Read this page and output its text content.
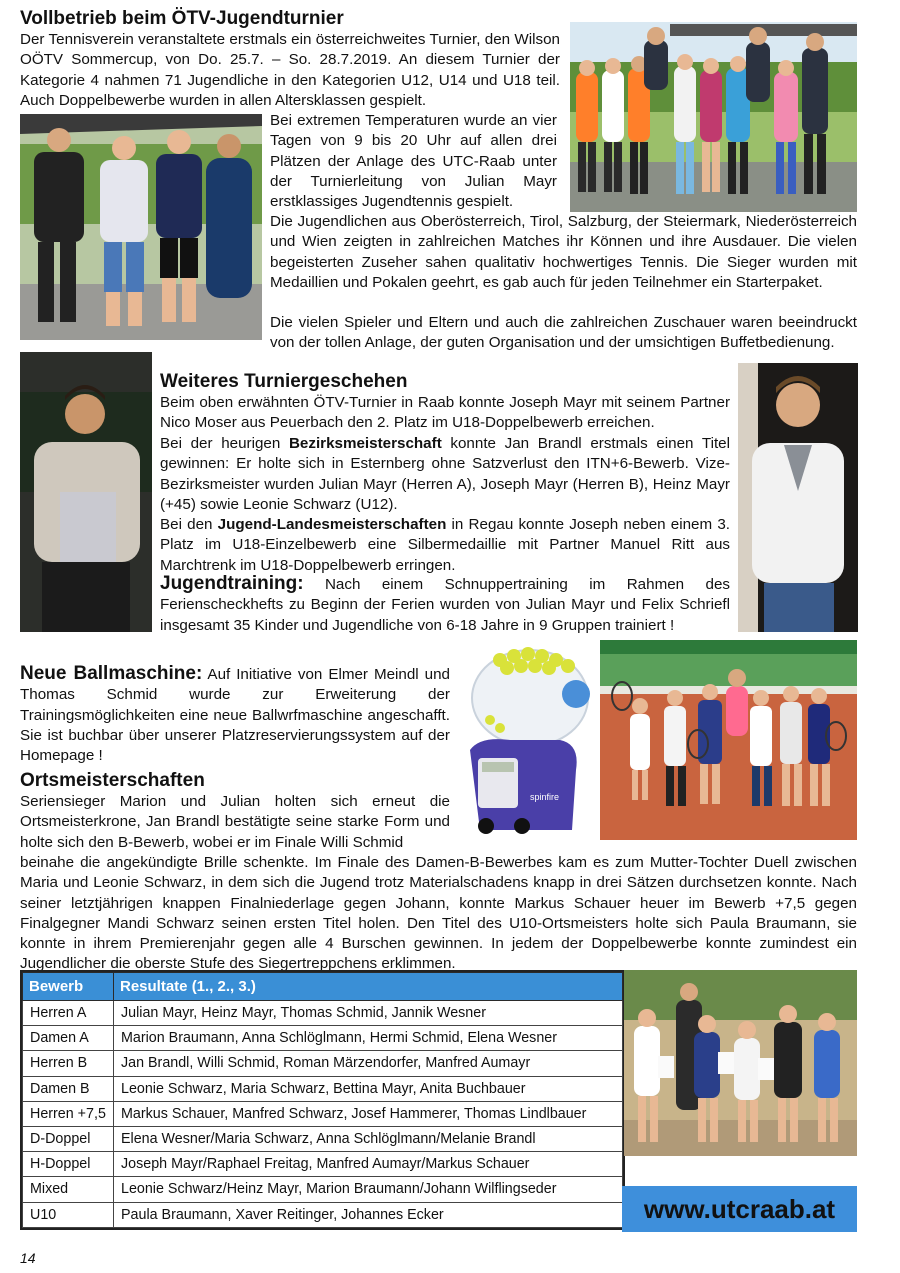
Vollbetrieb beim ÖTV-Jugendturnier

Der Tennisverein veranstaltete erstmals ein österreichweites Turnier, den Wilson OÖTV Sommercup, von Do. 25.7. – So. 28.7.2019. An diesem Turnier der Kategorie 4 nahmen 71 Jugendliche in den Kategorien U12, U14 und U18 teil. Auch Doppelbewerbe wurden in allen Altersklassen gespielt.

Bei extremen Temperaturen wurde an vier Tagen von 9 bis 20 Uhr auf allen drei Plätzen der Anlage des UTC-Raab unter der Turnierleitung von Julian Mayr erstklassiges Jugendtennis gespielt.

Die Jugendlichen aus Oberösterreich, Tirol, Salzburg, der Steiermark, Niederösterreich und Wien zeigten in zahlreichen Matches ihr Können und ihre Ausdauer. Die vielen begeisterten Zuseher sahen qualitativ hochwertiges Tennis. Die Sieger wurden mit Medaillien und Pokalen geehrt, es gab auch für jeden Teilnehmer ein Starterpaket.

Die vielen Spieler und Eltern und auch die zahlreichen Zuschauer waren beeindruckt von der tollen Anlage, der guten Organisation und der umsichtigen Buffetbedienung.

Weiteres Turniergeschehen

Beim oben erwähnten ÖTV-Turnier in Raab konnte Joseph Mayr mit seinem Partner Nico Moser aus Peuerbach den 2. Platz im U18-Doppelbewerb erreichen.

Bei der heurigen Bezirksmeisterschaft konnte Jan Brandl erstmals einen Titel gewinnen: Er holte sich in Esternberg ohne Satzverlust den ITN+6-Bewerb. Vize-Bezirksmeister wurden Julian Mayr (Herren A), Joseph Mayr (Herren B), Heinz Mayr (+45) sowie Leonie Schwarz (U12).

Bei den Jugend-Landesmeisterschaften in Regau konnte Joseph neben einem 3. Platz im U18-Einzelbewerb eine Silbermedaillie mit Partner Manuel Ritt aus Marchtrenk im U18-Doppelbewerb erringen.

Jugendtraining: Nach einem Schnuppertraining im Rahmen des Ferienscheckhefts zu Beginn der Ferien wurden von Julian Mayr und Felix Schriefl insgesamt 35 Kinder und Jugendliche von 6-18 Jahre in 9 Gruppen trainiert !

Neue Ballmaschine: Auf Initiative von Elmer Meindl und Thomas Schmid wurde zur Erweiterung der Trainingsmöglichkeiten eine neue Ballwrfmaschine angeschafft. Sie ist buchbar über unserer Platzreservierungssystem auf der Homepage !

spinfire
Ortsmeisterschaften

Seriensieger Marion und Julian holten sich erneut die Ortsmeisterkrone, Jan Brandl bestätigte seine starke Form und holte sich den B-Bewerb, wobei er im Finale Willi Schmid

beinahe die angekündigte Brille schenkte. Im Finale des Damen-B-Bewerbes kam es zum Mutter-Tochter Duell zwischen Maria und Leonie Schwarz, in dem sich die Jugend trotz Materialschadens knapp in drei Sätzen durchsetzen konnte. Nach seiner letztjährigen knappen Finalniederlage gegen Johann, konnte Markus Schauer heuer im Bewerb +7,5 gegen Finalgegner Mandi Schwarz seinen ersten Titel holen. Den Titel des U10-Ortsmeisters holte sich Paula Braumann, sie konnte in ihrem Premierenjahr gegen alle 4 Burschen gewinnen. In jedem der Doppelbewerbe konnte zumindest ein Jugendlicher die oberste Stufe des Siegertreppchens erklimmen.

Bewerb	Resultate (1., 2., 3.)
Herren A	Julian Mayr, Heinz Mayr, Thomas Schmid, Jannik Wesner
Damen A	Marion Braumann, Anna Schlöglmann, Hermi Schmid, Elena Wesner
Herren B	Jan Brandl, Willi Schmid, Roman Märzendorfer, Manfred Aumayr
Damen B	Leonie Schwarz, Maria Schwarz, Bettina Mayr, Anita Buchbauer
Herren +7,5	Markus Schauer, Manfred Schwarz, Josef Hammerer, Thomas Lindlbauer
D-Doppel	Elena Wesner/Maria Schwarz, Anna Schlöglmann/Melanie Brandl
H-Doppel	Joseph Mayr/Raphael Freitag, Manfred Aumayr/Markus Schauer
Mixed	Leonie Schwarz/Heinz Mayr, Marion Braumann/Johann Wilflingseder
U10	Paula Braumann, Xaver Reitinger, Johannes Ecker	www.utcraab.at
14
